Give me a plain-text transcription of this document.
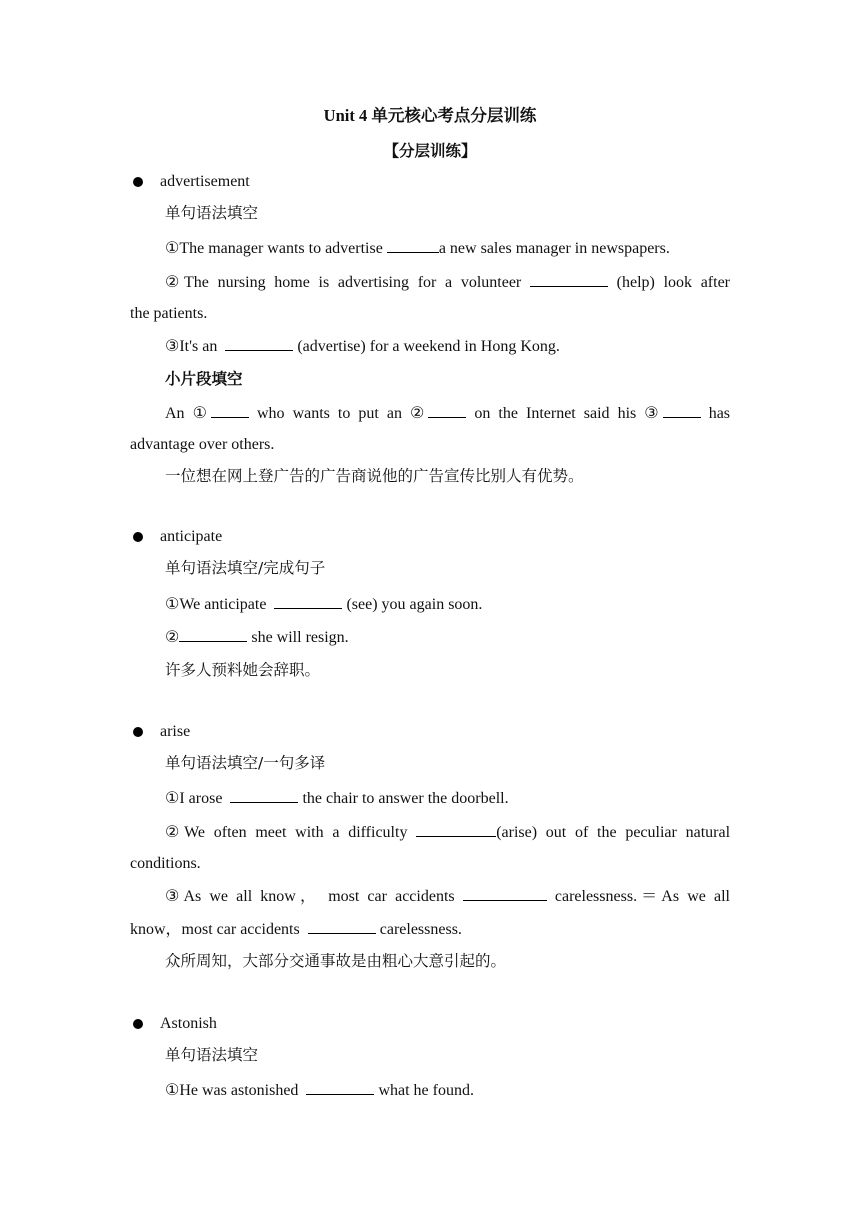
Unit 4 单元核心考点分层训练
【分层训练】
advertisement
单句语法填空
①The manager wants to advertise	a new sales manager in newspapers.
②The nursing home is advertising for a volunteer	(help) look after
the patients.
③It's an	(advertise) for a weekend in Hong Kong.
小片段填空
An ①	who wants to put an ②	on the Internet said his ③	has
advantage over others.
一位想在网上登广告的广告商说他的广告宣传比别人有优势。
anticipate
单句语法填空/完成句子
①We anticipate	(see) you again soon.
②	she will resign.
许多人预料她会辞职。
arise
单句语法填空/一句多译
①I arose	the chair to answer the doorbell.
②We often meet with a difficulty	(arise) out of the peculiar natural
conditions.
③As we all know， most car accidents	carelessness.＝As we all
know，most car accidents	carelessness.
众所周知，大部分交通事故是由粗心大意引起的。
Astonish
单句语法填空
①He was astonished	what he found.
